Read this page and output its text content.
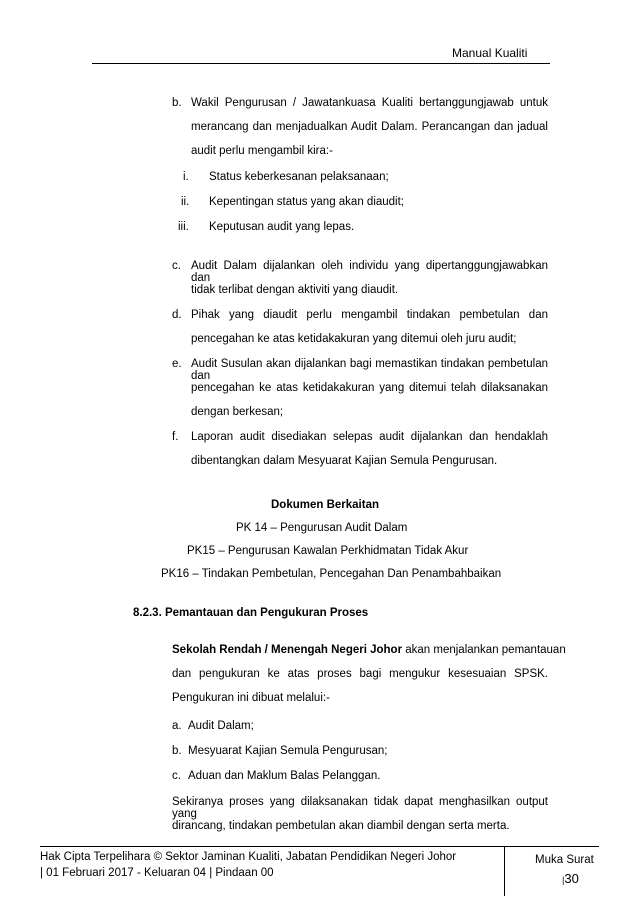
Manual Kualiti
b. Wakil Pengurusan / Jawatankuasa Kualiti bertanggungjawab untuk
merancang dan menjadualkan Audit Dalam. Perancangan dan jadual
audit perlu mengambil kira:-
i. Status keberkesanan pelaksanaan;
ii. Kepentingan status yang akan diaudit;
iii. Keputusan audit yang lepas.
c. Audit Dalam dijalankan oleh individu yang dipertanggungjawabkan dan
tidak terlibat dengan aktiviti yang diaudit.
d. Pihak yang diaudit perlu mengambil tindakan pembetulan dan
pencegahan ke atas ketidakakuran yang ditemui oleh juru audit;
e. Audit Susulan akan dijalankan bagi memastikan tindakan pembetulan dan
pencegahan ke atas ketidakakuran yang ditemui telah dilaksanakan
dengan berkesan;
f. Laporan audit disediakan selepas audit dijalankan dan hendaklah
dibentangkan dalam Mesyuarat Kajian Semula Pengurusan.
Dokumen Berkaitan
PK 14 – Pengurusan Audit Dalam
PK15 – Pengurusan Kawalan Perkhidmatan Tidak Akur
PK16 – Tindakan Pembetulan, Pencegahan Dan Penambahbaikan
8.2.3. Pemantauan dan Pengukuran Proses
Sekolah Rendah / Menengah Negeri Johor akan menjalankan pemantauan
dan pengukuran ke atas proses bagi mengukur kesesuaian SPSK.
Pengukuran ini dibuat melalui:-
a. Audit Dalam;
b. Mesyuarat Kajian Semula Pengurusan;
c. Aduan dan Maklum Balas Pelanggan.
Sekiranya proses yang dilaksanakan tidak dapat menghasilkan output yang
dirancang, tindakan pembetulan akan diambil dengan serta merta.
Hak Cipta Terpelihara © Sektor Jaminan Kualiti, Jabatan Pendidikan Negeri Johor
| 01 Februari 2017 - Keluaran 04 | Pindaan 00
Muka Surat
|30
